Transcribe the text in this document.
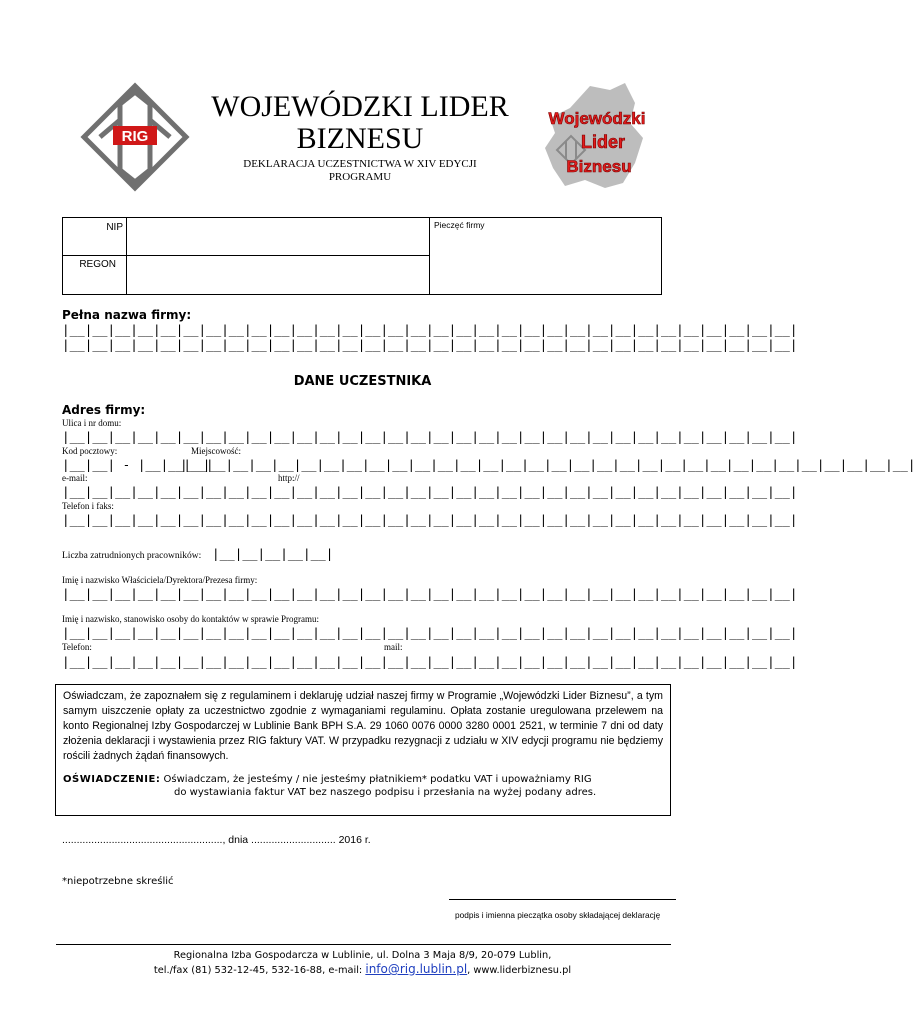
RIG
WOJEWÓDZKI LIDER
BIZNESU
DEKLARACJA UCZESTNICTWA W XIV EDYCJI
PROGRAMU
Wojewódzki
Lider
Biznesu
NIP		Pieczęć firmy
REGON		
Pełna nazwa firmy:
|__|__|__|__|__|__|__|__|__|__|__|__|__|__|__|__|__|__|__|__|__|__|__|__|__|__|__|__|__|__|__|__|
|__|__|__|__|__|__|__|__|__|__|__|__|__|__|__|__|__|__|__|__|__|__|__|__|__|__|__|__|__|__|__|__|
DANE UCZESTNIKA
Adres firmy:
Ulica i nr domu:
|__|__|__|__|__|__|__|__|__|__|__|__|__|__|__|__|__|__|__|__|__|__|__|__|__|__|__|__|__|__|__|__|
Kod pocztowy:	Miejscowość:
|__|__| - |__|__|__|
|__|__|__|__|__|__|__|__|__|__|__|__|__|__|__|__|__|__|__|__|__|__|__|__|__|__|__|__|__|__|__|__|
e-mail:	http://
|__|__|__|__|__|__|__|__|__|__|__|__|__|__|__|__|__|__|__|__|__|__|__|__|__|__|__|__|__|__|__|__|
Telefon i faks:
|__|__|__|__|__|__|__|__|__|__|__|__|__|__|__|__|__|__|__|__|__|__|__|__|__|__|__|__|__|__|__|__|
Liczba zatrudnionych pracowników: |__|__|__|__|__|
Imię i nazwisko Właściciela/Dyrektora/Prezesa firmy:
|__|__|__|__|__|__|__|__|__|__|__|__|__|__|__|__|__|__|__|__|__|__|__|__|__|__|__|__|__|__|__|__|
Imię i nazwisko, stanowisko osoby do kontaktów w sprawie Programu:
|__|__|__|__|__|__|__|__|__|__|__|__|__|__|__|__|__|__|__|__|__|__|__|__|__|__|__|__|__|__|__|__|
Telefon:	mail:
|__|__|__|__|__|__|__|__|__|__|__|__|__|__|__|__|__|__|__|__|__|__|__|__|__|__|__|__|__|__|__|__|
Oświadczam, że zapoznałem się z regulaminem i deklaruję udział naszej firmy w Programie „Wojewódzki Lider Biznesu”, a tym samym uiszczenie opłaty za uczestnictwo zgodnie z wymaganiami regulaminu. Opłata zostanie uregulowana przelewem na konto Regionalnej Izby Gospodarczej w Lublinie Bank BPH S.A. 29 1060 0076 0000 3280 0001 2521, w terminie 7 dni od daty złożenia deklaracji i wystawienia przez RIG faktury VAT. W przypadku rezygnacji z udziału w XIV edycji programu nie będziemy rościli żadnych żądań finansowych.
OŚWIADCZENIE: Oświadczam, że jesteśmy / nie jesteśmy płatnikiem* podatku VAT i upoważniamy RIG
do wystawiania faktur VAT bez naszego podpisu i przesłania na wyżej podany adres.
......................................................., dnia ............................. 2016 r.
*niepotrzebne skreślić
podpis i imienna pieczątka osoby składającej deklarację
Regionalna Izba Gospodarcza w Lublinie, ul. Dolna 3 Maja 8/9, 20-079 Lublin,
tel./fax (81) 532-12-45, 532-16-88, e-mail: info@rig.lublin.pl, www.liderbiznesu.pl
